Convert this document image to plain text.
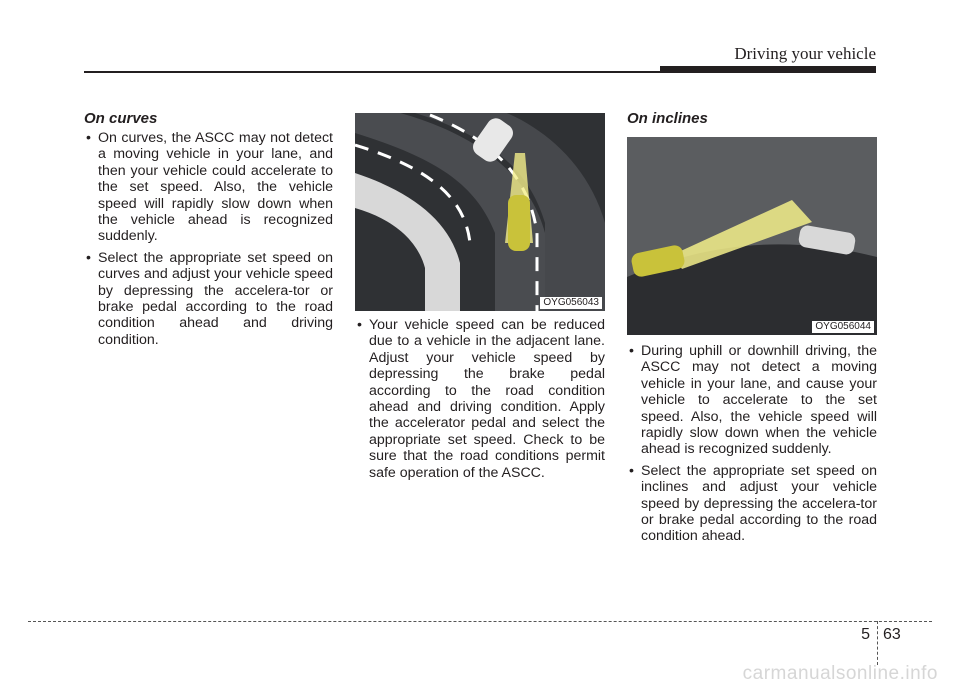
Driving your vehicle
On curves
• On curves, the ASCC may not detect a moving vehicle in your lane, and then your vehicle could accelerate to the set speed. Also, the vehicle speed will rapidly slow down when the vehicle ahead is recognized suddenly.
• Select the appropriate set speed on curves and adjust your vehicle speed by depressing the accelera-tor or brake pedal according to the road condition ahead and driving condition.
OYG056043
• Your vehicle speed can be reduced due to a vehicle in the adjacent lane. Adjust your vehicle speed by depressing the brake pedal according to the road condition ahead and driving condition. Apply the accelerator pedal and select the appropriate set speed. Check to be sure that the road conditions permit safe operation of the ASCC.
On inclines
OYG056044
• During uphill or downhill driving, the ASCC may not detect a moving vehicle in your lane, and cause your vehicle to accelerate to the set speed. Also, the vehicle speed will rapidly slow down when the vehicle ahead is recognized suddenly.
• Select the appropriate set speed on inclines and adjust your vehicle speed by depressing the accelera-tor or brake pedal according to the road condition ahead.
5 63
carmanualsonline.info
